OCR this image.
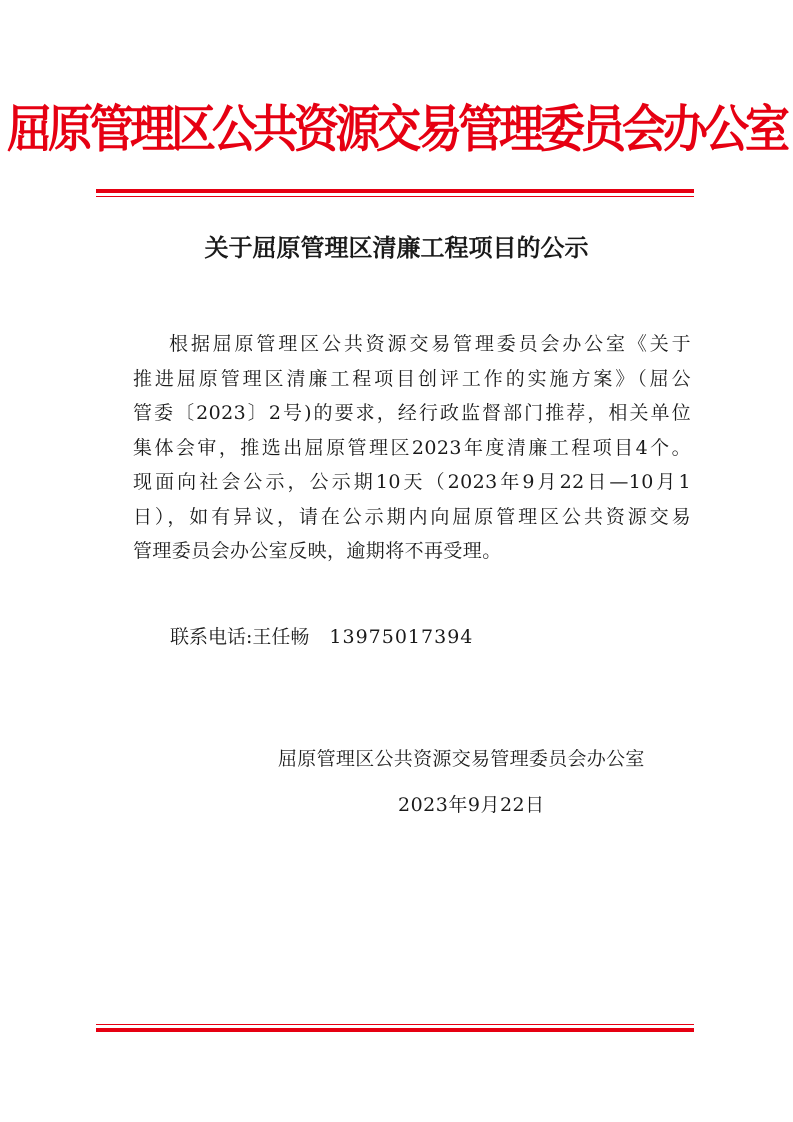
屈原管理区公共资源交易管理委员会办公室
关于屈原管理区清廉工程项目的公示
根据屈原管理区公共资源交易管理委员会办公室《关于
推进屈原管理区清廉工程项目创评工作的实施方案》（屈公
管委〔2023〕2号)的要求，经行政监督部门推荐，相关单位
集体会审，推选出屈原管理区2023年度清廉工程项目4个。
现面向社会公示，公示期10天（2023年9月22日—10月1
日），如有异议，请在公示期内向屈原管理区公共资源交易
管理委员会办公室反映，逾期将不再受理。
联系电话:王任畅 13975017394
屈原管理区公共资源交易管理委员会办公室
2023年9月22日
